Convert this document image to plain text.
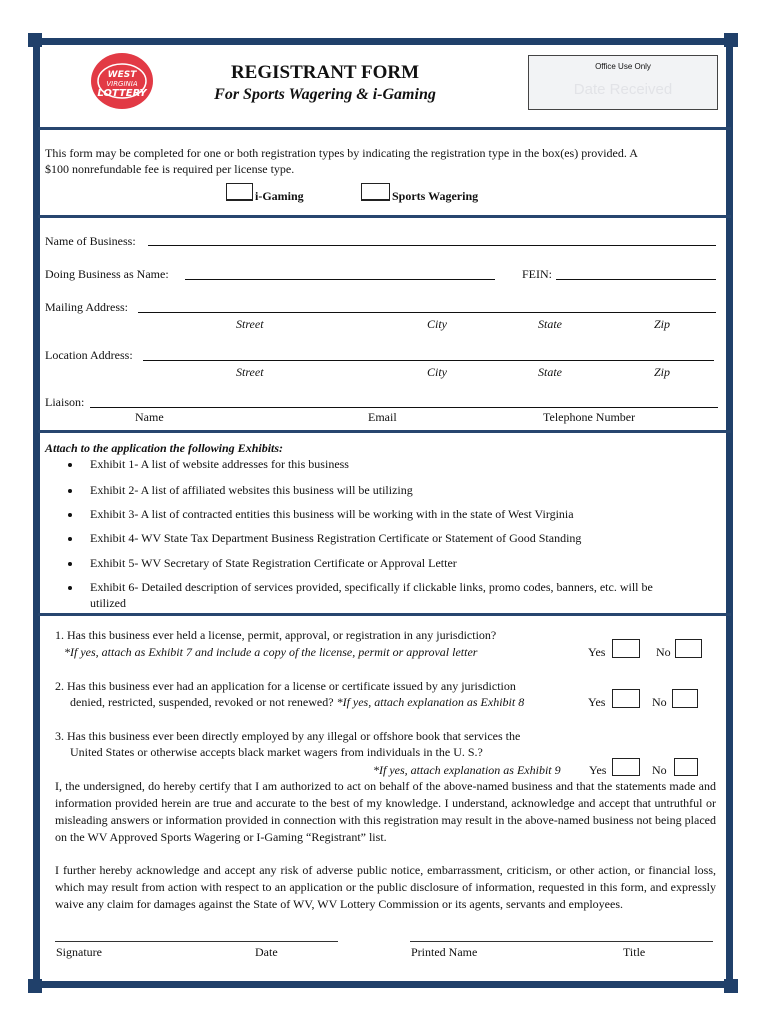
WEST
VIRGINIA
LOTTERY
REGISTRANT FORM
For Sports Wagering & i-Gaming
Office Use Only
Date Received
This form may be completed for one or both registration types by indicating the registration type in the box(es) provided. A
$100 nonrefundable fee is required per license type.
i-Gaming	Sports Wagering
Name of Business:
Doing Business as Name:	FEIN:
Mailing Address:
Street	City	State	Zip
Location Address:
Street	City	State	Zip
Liaison:
Name	Email	Telephone Number
Attach to the application the following Exhibits:
Exhibit 1- A list of website addresses for this business
Exhibit 2- A list of affiliated websites this business will be utilizing
Exhibit 3- A list of contracted entities this business will be working with in the state of West Virginia
Exhibit 4- WV State Tax Department Business Registration Certificate or Statement of Good Standing
Exhibit 5- WV Secretary of State Registration Certificate or Approval Letter
Exhibit 6- Detailed description of services provided, specifically if clickable links, promo codes, banners, etc. will be
utilized
1. Has this business ever held a license, permit, approval, or registration in any jurisdiction?
*If yes, attach as Exhibit 7 and include a copy of the license, permit or approval letter	Yes	No
2. Has this business ever had an application for a license or certificate issued by any jurisdiction
denied, restricted, suspended, revoked or not renewed? *If yes, attach explanation as Exhibit 8	Yes	No
3. Has this business ever been directly employed by any illegal or offshore book that services the
United States or otherwise accepts black market wagers from individuals in the U. S.?
*If yes, attach explanation as Exhibit 9 Yes	No
I, the undersigned, do hereby certify that I am authorized to act on behalf of the above-named business and that the statements made and information provided herein are true and accurate to the best of my knowledge. I understand, acknowledge and accept that untruthful or misleading answers or information provided in connection with this registration may result in the above-named business not being placed on the WV Approved Sports Wagering or I-Gaming “Registrant” list.
I further hereby acknowledge and accept any risk of adverse public notice, embarrassment, criticism, or other action, or financial loss, which may result from action with respect to an application or the public disclosure of information, requested in this form, and expressly waive any claim for damages against the State of WV, WV Lottery Commission or its agents, servants and employees.
Signature	Date	Printed Name	Title
